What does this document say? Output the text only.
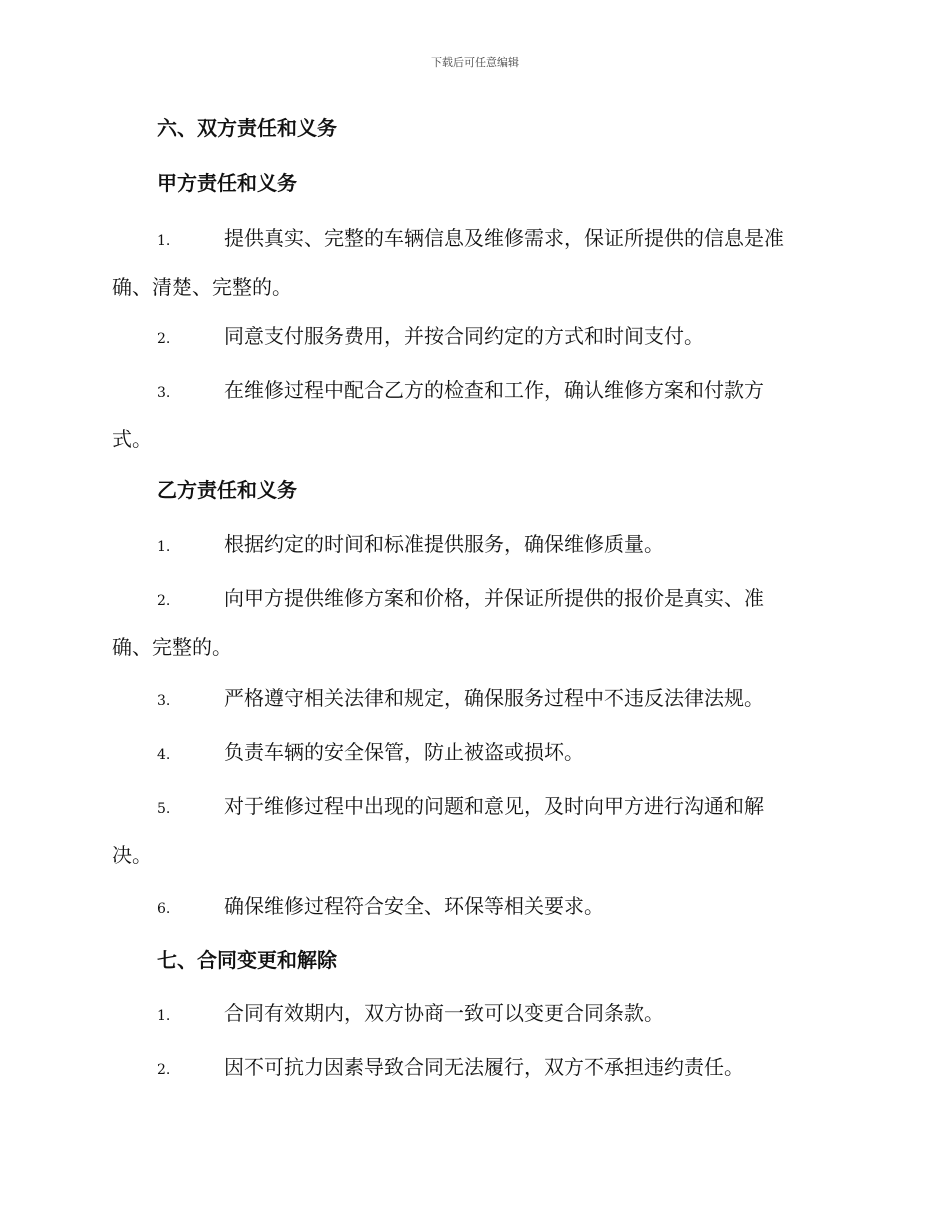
下载后可任意编辑
六、双方责任和义务
甲方责任和义务
1.	提供真实、完整的车辆信息及维修需求，保证所提供的信息是准
确、清楚、完整的。
2.	同意支付服务费用，并按合同约定的方式和时间支付。
3.	在维修过程中配合乙方的检查和工作，确认维修方案和付款方
式。
乙方责任和义务
1.	根据约定的时间和标准提供服务，确保维修质量。
2.	向甲方提供维修方案和价格，并保证所提供的报价是真实、准
确、完整的。
3.	严格遵守相关法律和规定，确保服务过程中不违反法律法规。
4.	负责车辆的安全保管，防止被盗或损坏。
5.	对于维修过程中出现的问题和意见，及时向甲方进行沟通和解
决。
6.	确保维修过程符合安全、环保等相关要求。
七、合同变更和解除
1.	合同有效期内，双方协商一致可以变更合同条款。
2.	因不可抗力因素导致合同无法履行，双方不承担违约责任。
